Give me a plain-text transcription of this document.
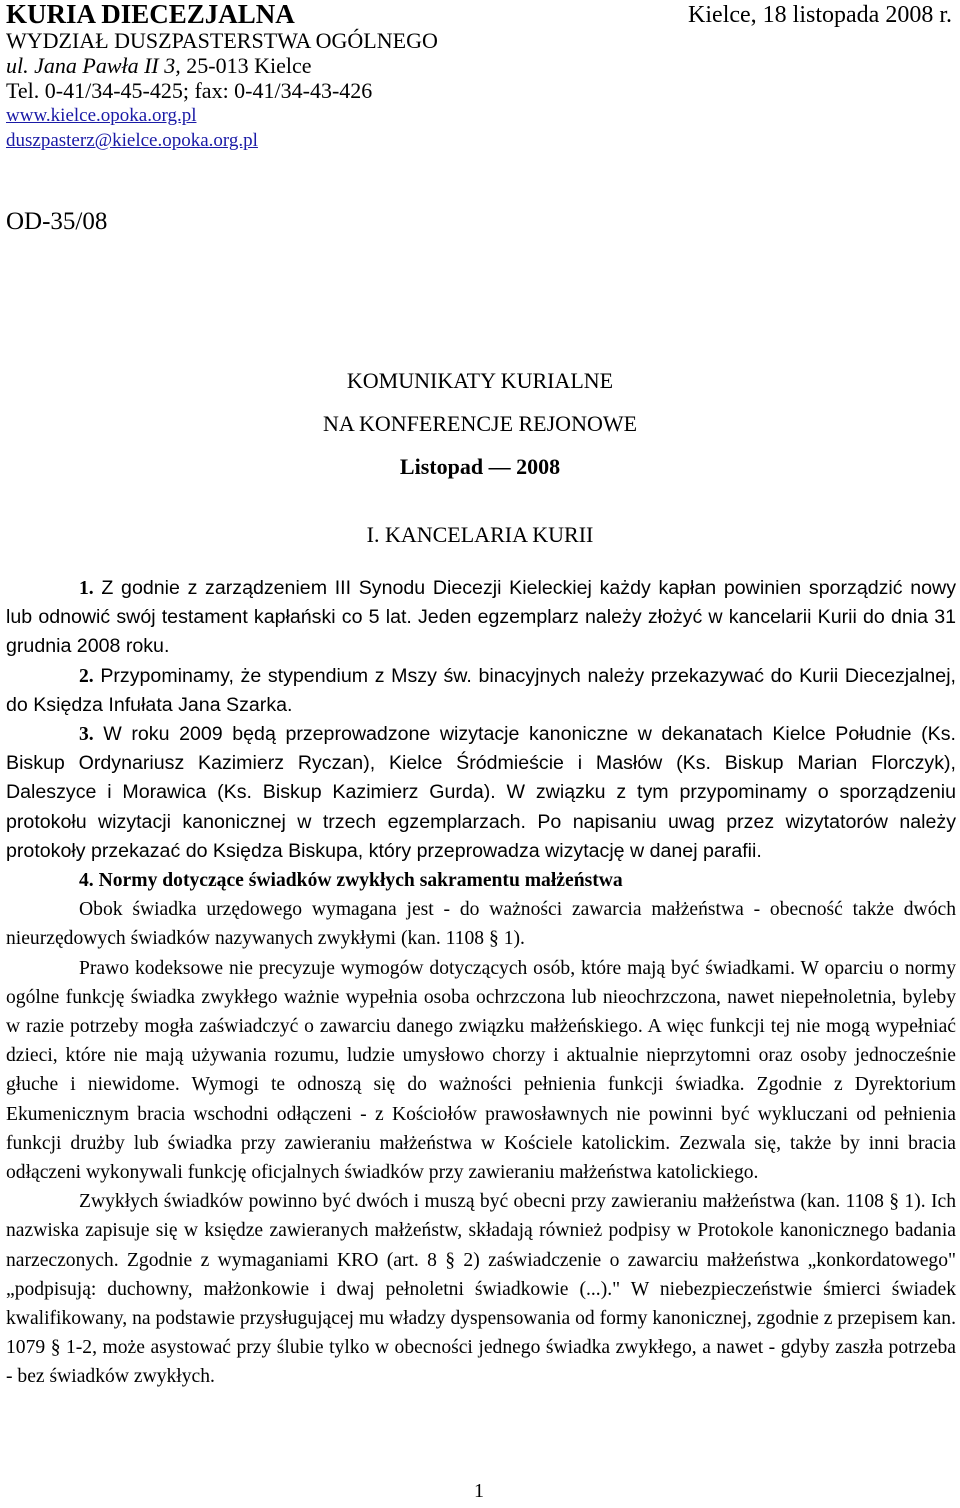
KURIA DIECEZJALNA
WYDZIAŁ DUSZPASTERSTWA OGÓLNEGO
ul. Jana Pawła II 3, 25-013 Kielce
Tel. 0-41/34-45-425; fax: 0-41/34-43-426
www.kielce.opoka.org.pl
duszpasterz@kielce.opoka.org.pl
Kielce, 18 listopada 2008 r.
OD-35/08
KOMUNIKATY KURIALNE
NA KONFERENCJE REJONOWE
Listopad — 2008
I. KANCELARIA KURII

1. Z godnie z zarządzeniem III Synodu Diecezji Kieleckiej każdy kapłan powinien sporządzić nowy lub odnowić swój testament kapłański co 5 lat. Jeden egzemplarz należy złożyć w kancelarii Kurii do dnia 31 grudnia 2008 roku.

2. Przypominamy, że stypendium z Mszy św. binacyjnych należy przekazywać do Kurii Diecezjalnej, do Księdza Infułata Jana Szarka.

3. W roku 2009 będą przeprowadzone wizytacje kanoniczne w dekanatach Kielce Południe (Ks. Biskup Ordynariusz Kazimierz Ryczan), Kielce Śródmieście i Masłów (Ks. Biskup Marian Florczyk), Daleszyce i Morawica (Ks. Biskup Kazimierz Gurda). W związku z tym przypominamy o sporządzeniu protokołu wizytacji kanonicznej w trzech egzemplarzach. Po napisaniu uwag przez wizytatorów należy protokoły przekazać do Księdza Biskupa, który przeprowadza wizytację w danej parafii.

4. Normy dotyczące świadków zwykłych sakramentu małżeństwa

Obok świadka urzędowego wymagana jest - do ważności zawarcia małżeństwa - obecność także dwóch nieurzędowych świadków nazywanych zwykłymi (kan. 1108 § 1).

Prawo kodeksowe nie precyzuje wymogów dotyczących osób, które mają być świadkami. W oparciu o normy ogólne funkcję świadka zwykłego ważnie wypełnia osoba ochrzczona lub nieochrzczona, nawet niepełnoletnia, byleby w razie potrzeby mogła zaświadczyć o zawarciu danego związku małżeńskiego. A więc funkcji tej nie mogą wypełniać dzieci, które nie mają używania rozumu, ludzie umysłowo chorzy i aktualnie nieprzytomni oraz osoby jednocześnie głuche i niewidome. Wymogi te odnoszą się do ważności pełnienia funkcji świadka. Zgodnie z Dyrektorium Ekumenicznym bracia wschodni odłączeni - z Kościołów prawosławnych nie powinni być wykluczani od pełnienia funkcji drużby lub świadka przy zawieraniu małżeństwa w Kościele katolickim. Zezwala się, także by inni bracia odłączeni wykonywali funkcję oficjalnych świadków przy zawieraniu małżeństwa katolickiego.

Zwykłych świadków powinno być dwóch i muszą być obecni przy zawieraniu małżeństwa (kan. 1108 § 1). Ich nazwiska zapisuje się w księdze zawieranych małżeństw, składają również podpisy w Protokole kanonicznego badania narzeczonych. Zgodnie z wymaganiami KRO (art. 8 § 2) zaświadczenie o zawarciu małżeństwa „konkordatowego" „podpisują: duchowny, małżonkowie i dwaj pełnoletni świadkowie (...)." W niebezpieczeństwie śmierci świadek kwalifikowany, na podstawie przysługującej mu władzy dyspensowania od formy kanonicznej, zgodnie z przepisem kan. 1079 § 1-2, może asystować przy ślubie tylko w obecności jednego świadka zwykłego, a nawet - gdyby zaszła potrzeba - bez świadków zwykłych.

1
